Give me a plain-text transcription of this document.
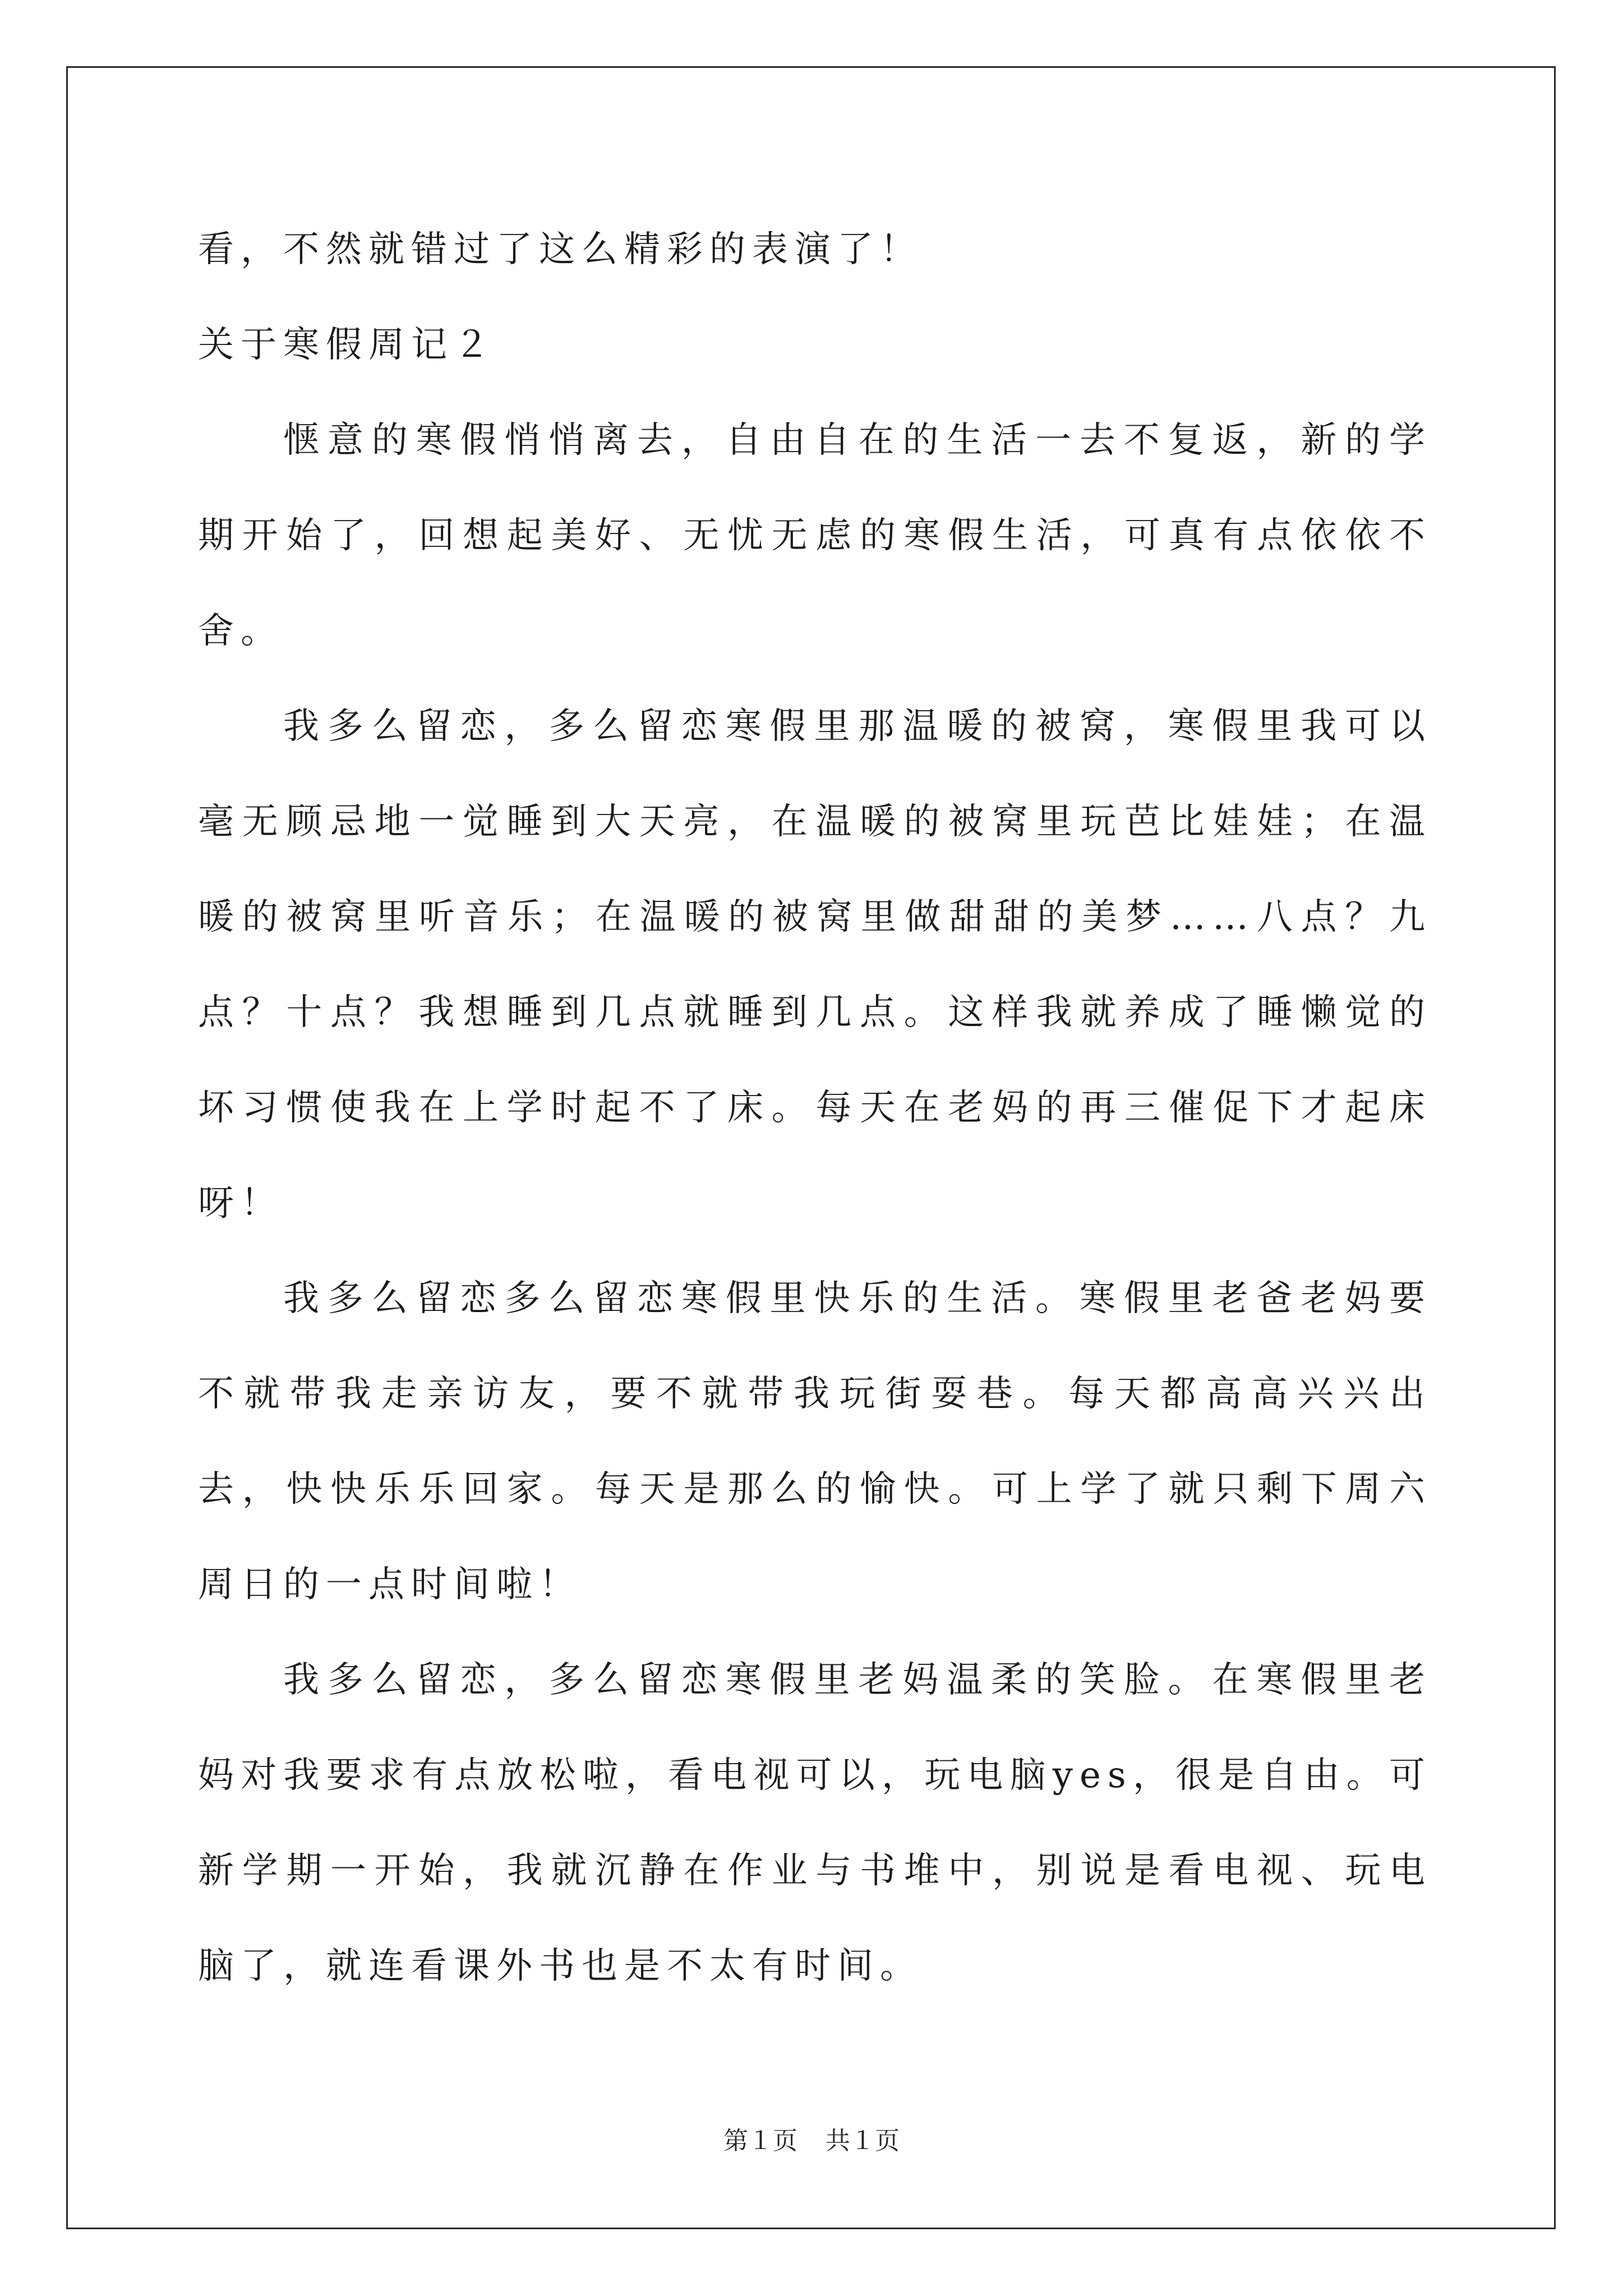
看，不然就错过了这么精彩的表演了！
关于寒假周记２

惬意的寒假悄悄离去，自由自在的生活一去不复返，新的学期开始了，回想起美好、无忧无虑的寒假生活，可真有点依依不舍。

我多么留恋，多么留恋寒假里那温暖的被窝，寒假里我可以毫无顾忌地一觉睡到大天亮，在温暖的被窝里玩芭比娃娃；在温暖的被窝里听音乐；在温暖的被窝里做甜甜的美梦……八点？九点？十点？我想睡到几点就睡到几点。这样我就养成了睡懒觉的坏习惯使我在上学时起不了床。每天在老妈的再三催促下才起床呀！

我多么留恋多么留恋寒假里快乐的生活。寒假里老爸老妈要不就带我走亲访友，要不就带我玩街耍巷。每天都高高兴兴出去，快快乐乐回家。每天是那么的愉快。可上学了就只剩下周六周日的一点时间啦！

我多么留恋，多么留恋寒假里老妈温柔的笑脸。在寒假里老妈对我要求有点放松啦，看电视可以，玩电脑yes，很是自由。可新学期一开始，我就沉静在作业与书堆中，别说是看电视、玩电脑了，就连看课外书也是不太有时间。

第１页 共１页
